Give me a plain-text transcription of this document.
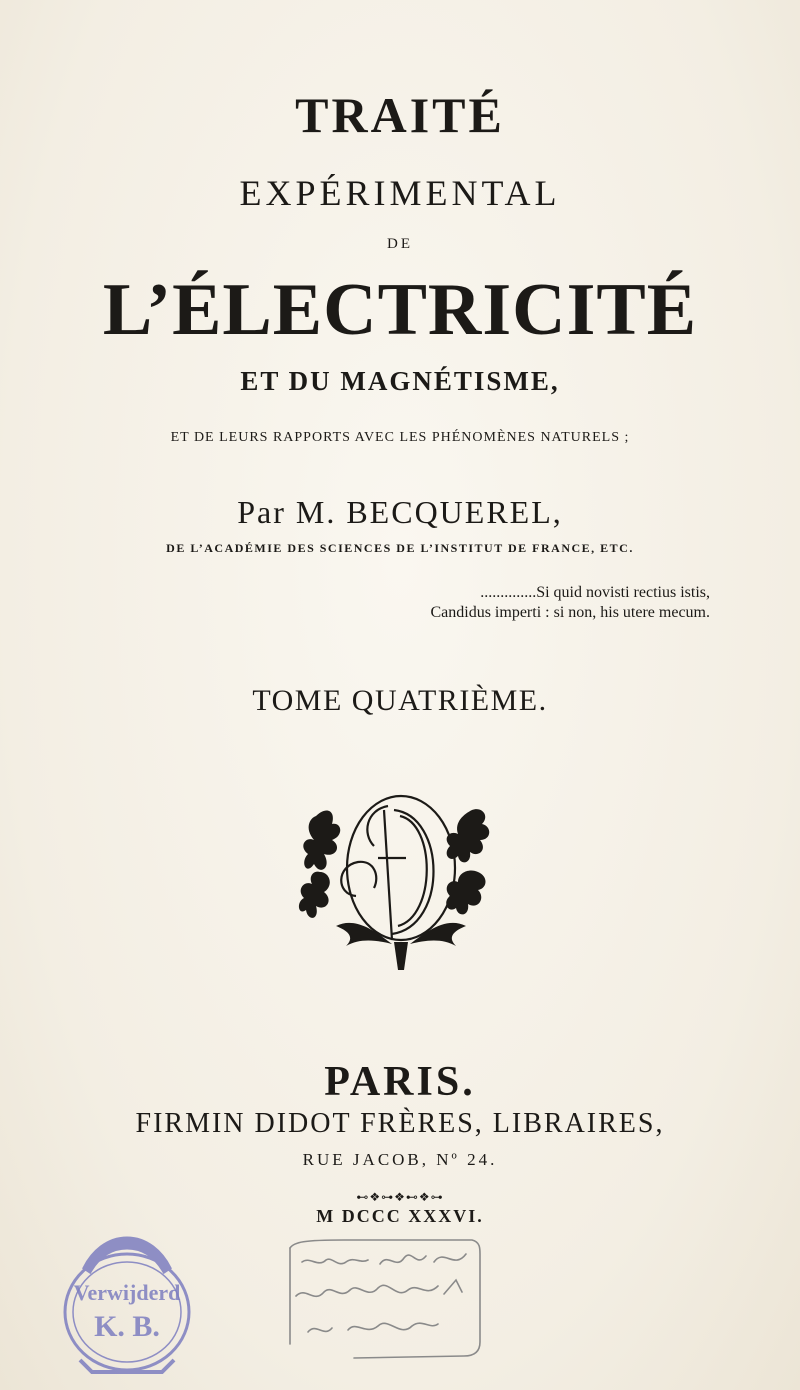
TRAITÉ
EXPÉRIMENTAL
DE
L’ÉLECTRICITÉ
ET DU MAGNÉTISME,
ET DE LEURS RAPPORTS AVEC LES PHÉNOMÈNES NATURELS ;
Par M. BECQUEREL,
DE L’ACADÉMIE DES SCIENCES DE L’INSTITUT DE FRANCE, ETC.
..............Si quid novisti rectius istis,
Candidus imperti : si non, his utere mecum.
TOME QUATRIÈME.
PARIS.
FIRMIN DIDOT FRÈRES, LIBRAIRES,
RUE JACOB, Nº 24.
⊷❖⊶❖⊷❖⊶
M DCCC XXXVI.
Verwijderd
K. B.
